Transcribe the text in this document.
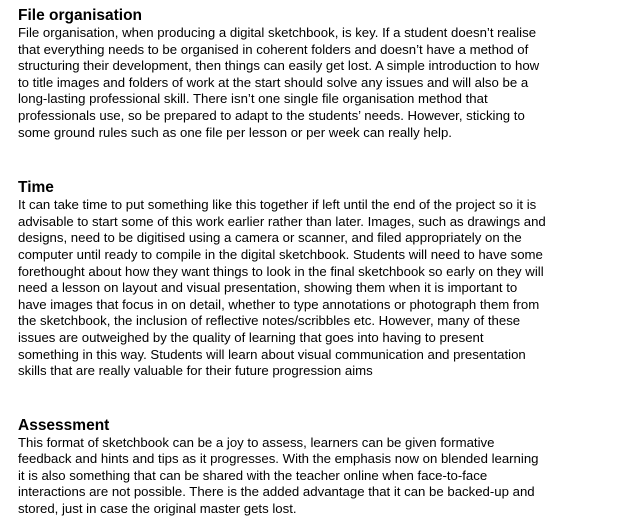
File organisation

File organisation, when producing a digital sketchbook, is key. If a student doesn’t realise
that everything needs to be organised in coherent folders and doesn’t have a method of
structuring their development, then things can easily get lost. A simple introduction to how
to title images and folders of work at the start should solve any issues and will also be a
long-lasting professional skill. There isn’t one single file organisation method that
professionals use, so be prepared to adapt to the students’ needs. However, sticking to
some ground rules such as one file per lesson or per week can really help.

Time

It can take time to put something like this together if left until the end of the project so it is
advisable to start some of this work earlier rather than later. Images, such as drawings and
designs, need to be digitised using a camera or scanner, and filed appropriately on the
computer until ready to compile in the digital sketchbook. Students will need to have some
forethought about how they want things to look in the final sketchbook so early on they will
need a lesson on layout and visual presentation, showing them when it is important to
have images that focus in on detail, whether to type annotations or photograph them from
the sketchbook, the inclusion of reflective notes/scribbles etc. However, many of these
issues are outweighed by the quality of learning that goes into having to present
something in this way. Students will learn about visual communication and presentation
skills that are really valuable for their future progression aims

Assessment

This format of sketchbook can be a joy to assess, learners can be given formative
feedback and hints and tips as it progresses. With the emphasis now on blended learning
it is also something that can be shared with the teacher online when face-to-face
interactions are not possible. There is the added advantage that it can be backed-up and
stored, just in case the original master gets lost.
